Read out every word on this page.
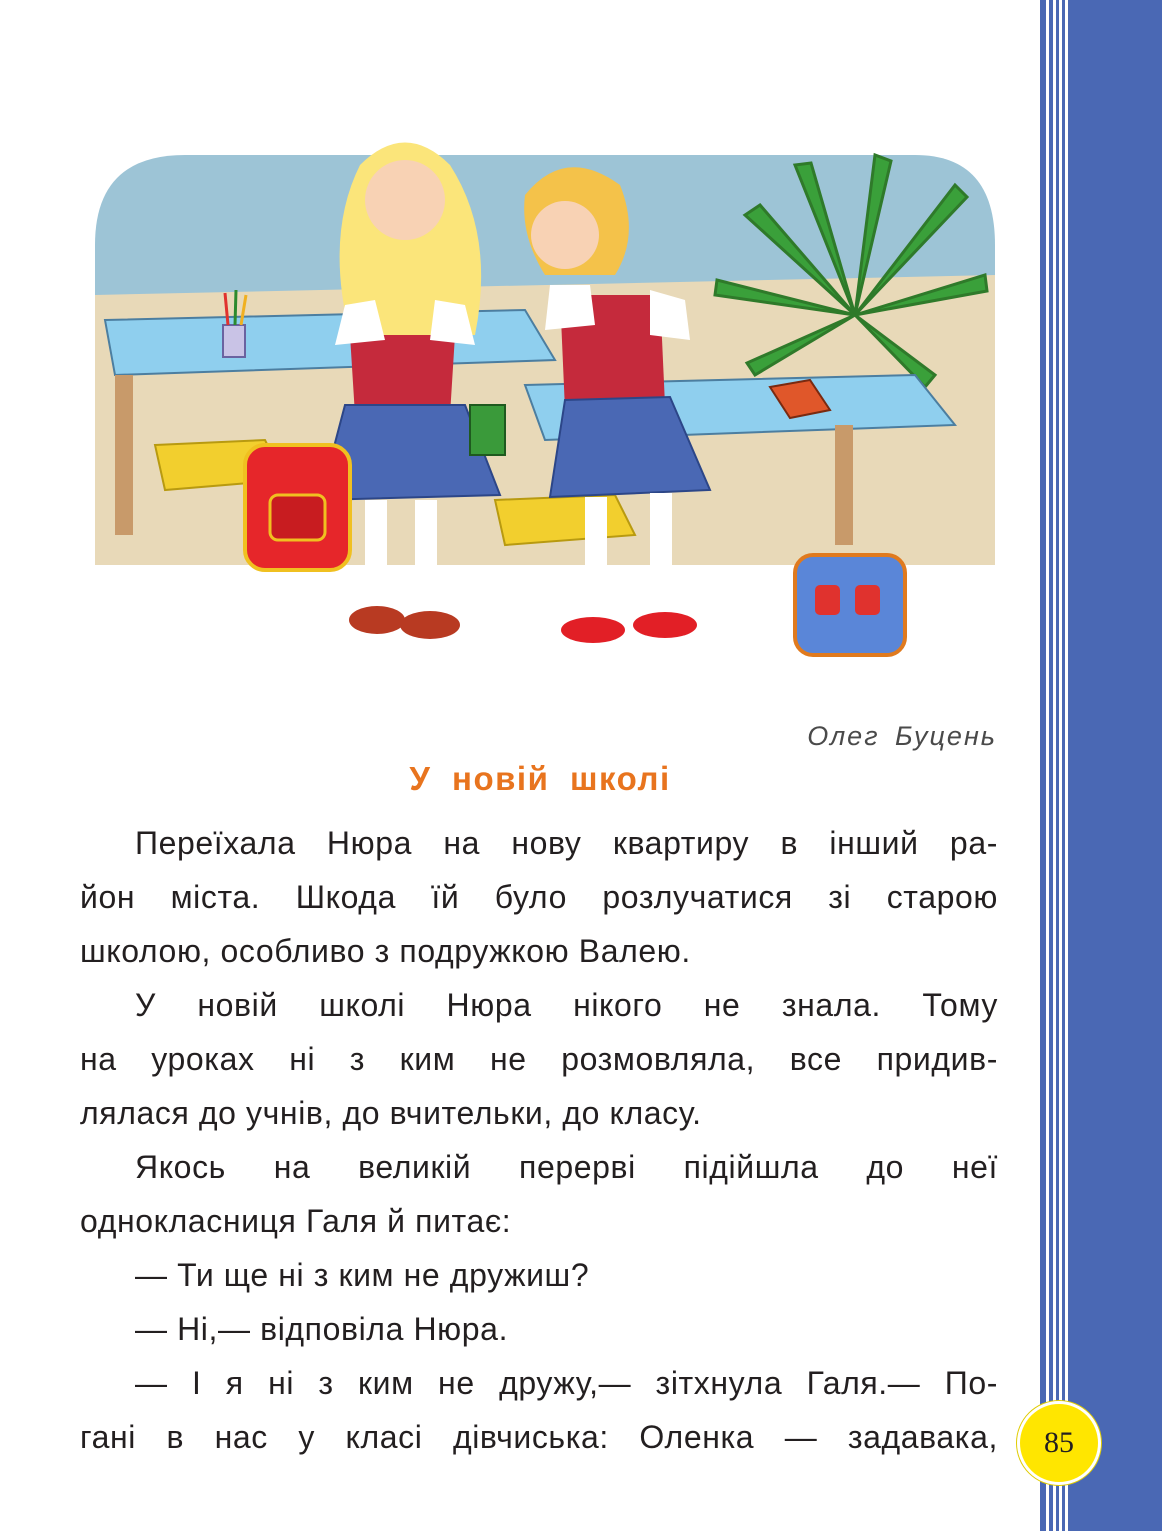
Олег Буцень
У новій школі
Переїхала Нюра на нову квартиру в інший ра-
йон міста. Шкода їй було розлучатися зі старою
школою, особливо з подружкою Валею.
У новій школі Нюра нікого не знала. Тому
на уроках ні з ким не розмовляла, все придив-
лялася до учнів, до вчительки, до класу.
Якось на великій перерві підійшла до неї
однокласниця Галя й питає:
— Ти ще ні з ким не дружиш?
— Ні,— відповіла Нюра.
— І я ні з ким не дружу,— зітхнула Галя.— По-
гані в нас у класі дівчиська: Оленка — задавака,	85
